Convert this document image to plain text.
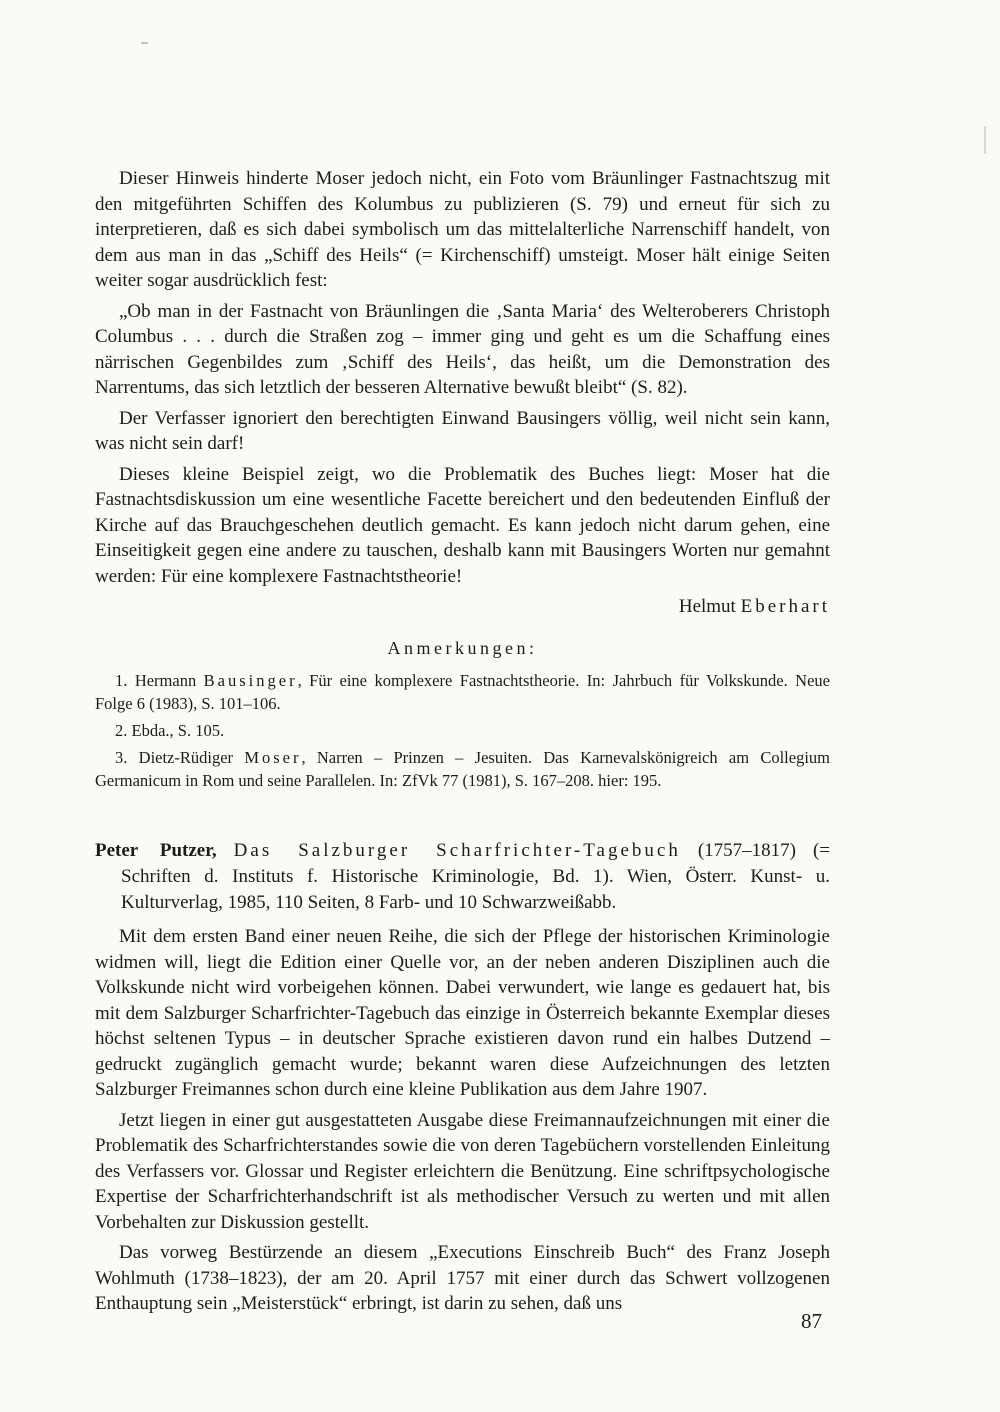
Dieser Hinweis hinderte Moser jedoch nicht, ein Foto vom Bräunlinger Fastnachtszug mit den mitgeführten Schiffen des Kolumbus zu publizieren (S. 79) und erneut für sich zu interpretieren, daß es sich dabei symbolisch um das mittelalterliche Narrenschiff handelt, von dem aus man in das „Schiff des Heils“ (= Kirchenschiff) umsteigt. Moser hält einige Seiten weiter sogar ausdrücklich fest:

„Ob man in der Fastnacht von Bräunlingen die ‚Santa Maria‘ des Welteroberers Christoph Columbus . . . durch die Straßen zog – immer ging und geht es um die Schaffung eines närrischen Gegenbildes zum ‚Schiff des Heils‘, das heißt, um die Demonstration des Narrentums, das sich letztlich der besseren Alternative bewußt bleibt“ (S. 82).

Der Verfasser ignoriert den berechtigten Einwand Bausingers völlig, weil nicht sein kann, was nicht sein darf!

Dieses kleine Beispiel zeigt, wo die Problematik des Buches liegt: Moser hat die Fastnachtsdiskussion um eine wesentliche Facette bereichert und den bedeutenden Einfluß der Kirche auf das Brauchgeschehen deutlich gemacht. Es kann jedoch nicht darum gehen, eine Einseitigkeit gegen eine andere zu tauschen, deshalb kann mit Bausingers Worten nur gemahnt werden: Für eine komplexere Fastnachtstheorie!

Helmut Eberhart
Anmerkungen:

1. Hermann Bausinger, Für eine komplexere Fastnachtstheorie. In: Jahrbuch für Volkskunde. Neue Folge 6 (1983), S. 101–106.

2. Ebda., S. 105.

3. Dietz-Rüdiger Moser, Narren – Prinzen – Jesuiten. Das Karnevalskönigreich am Collegium Germanicum in Rom und seine Parallelen. In: ZfVk 77 (1981), S. 167–208. hier: 195.

Peter Putzer, Das Salzburger Scharfrichter-Tagebuch (1757–1817) (= Schriften d. Instituts f. Historische Kriminologie, Bd. 1). Wien, Österr. Kunst- u. Kulturverlag, 1985, 110 Seiten, 8 Farb- und 10 Schwarzweißabb.

Mit dem ersten Band einer neuen Reihe, die sich der Pflege der historischen Kriminologie widmen will, liegt die Edition einer Quelle vor, an der neben anderen Disziplinen auch die Volkskunde nicht wird vorbeigehen können. Dabei verwundert, wie lange es gedauert hat, bis mit dem Salzburger Scharfrichter-Tagebuch das einzige in Österreich bekannte Exemplar dieses höchst seltenen Typus – in deutscher Sprache existieren davon rund ein halbes Dutzend – gedruckt zugänglich gemacht wurde; bekannt waren diese Aufzeichnungen des letzten Salzburger Freimannes schon durch eine kleine Publikation aus dem Jahre 1907.

Jetzt liegen in einer gut ausgestatteten Ausgabe diese Freimannaufzeichnungen mit einer die Problematik des Scharfrichterstandes sowie die von deren Tagebüchern vorstellenden Einleitung des Verfassers vor. Glossar und Register erleichtern die Benützung. Eine schriftpsychologische Expertise der Scharfrichterhandschrift ist als methodischer Versuch zu werten und mit allen Vorbehalten zur Diskussion gestellt.

Das vorweg Bestürzende an diesem „Executions Einschreib Buch“ des Franz Joseph Wohlmuth (1738–1823), der am 20. April 1757 mit einer durch das Schwert vollzogenen Enthauptung sein „Meisterstück“ erbringt, ist darin zu sehen, daß uns

87
